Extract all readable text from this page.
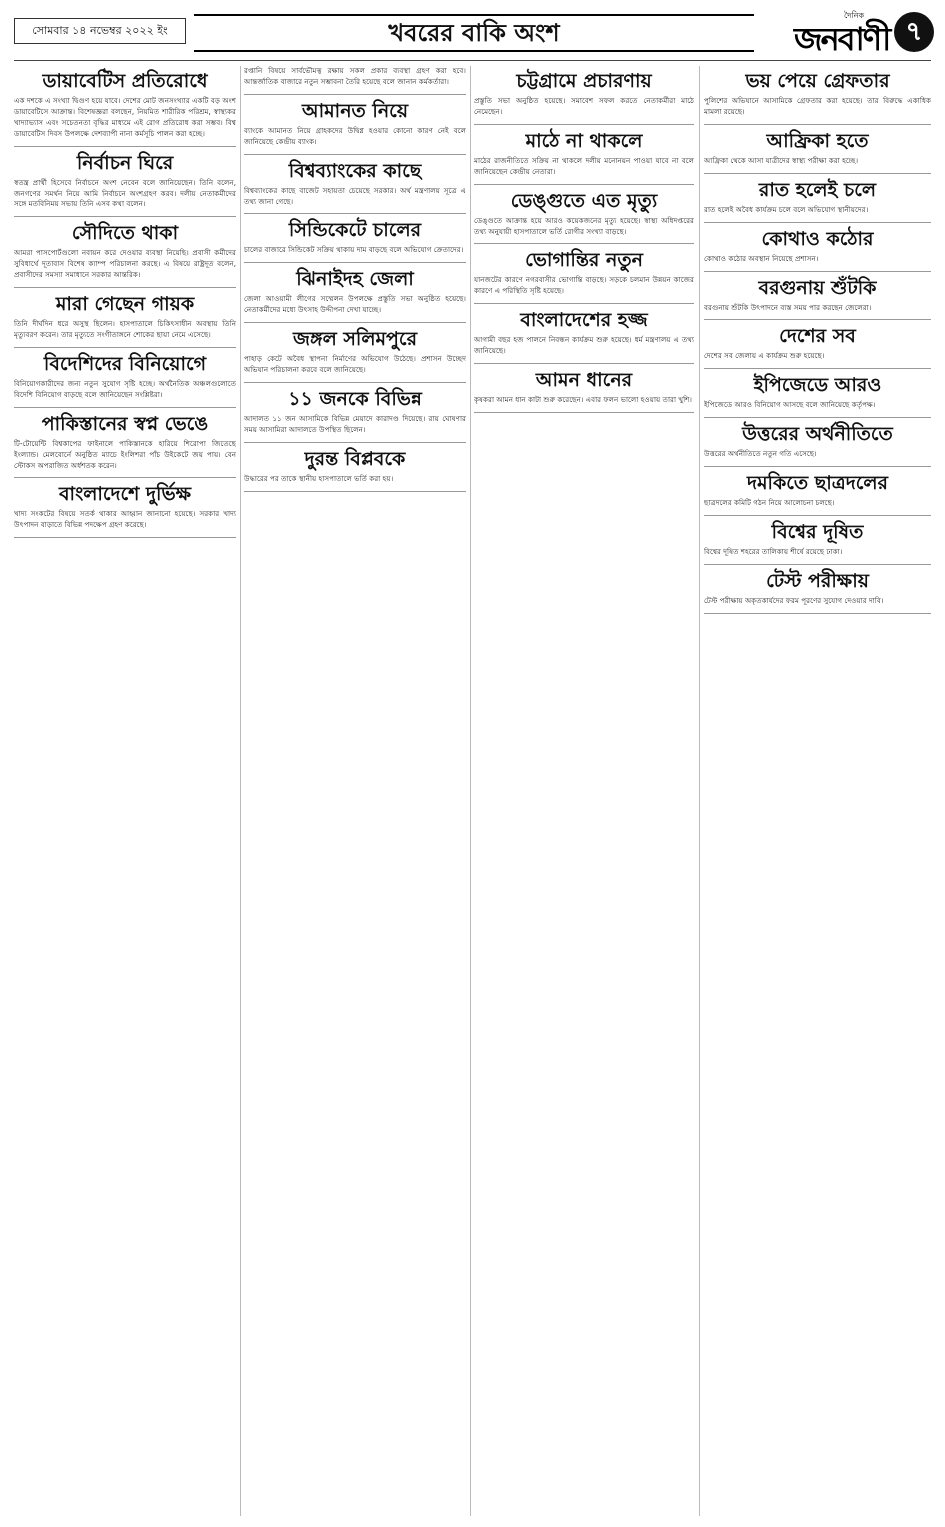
সোমবার ১৪ নভেম্বর ২০২২ ইং	খবরের বাকি অংশ
দৈনিক
জনবাণী ৭
ডায়াবেটিস প্রতিরোধে
এক দশকে এ সংখ্যা দ্বিগুণ হয়ে যাবে। দেশের মোট জনসংখ্যার একটি বড় অংশ ডায়াবেটিসে আক্রান্ত। বিশেষজ্ঞরা বলছেন, নিয়মিত শারীরিক পরিশ্রম, স্বাস্থ্যকর খাদ্যাভ্যাস এবং সচেতনতা বৃদ্ধির মাধ্যমে এই রোগ প্রতিরোধ করা সম্ভব। বিশ্ব ডায়াবেটিস দিবস উপলক্ষে দেশব্যাপী নানা কর্মসূচি পালন করা হচ্ছে।
নির্বাচন ঘিরে
স্বতন্ত্র প্রার্থী হিসেবে নির্বাচনে অংশ নেবেন বলে জানিয়েছেন। তিনি বলেন, জনগণের সমর্থন নিয়ে আমি নির্বাচনে অংশগ্রহণ করব। দলীয় নেতাকর্মীদের সঙ্গে মতবিনিময় সভায় তিনি এসব কথা বলেন।
সৌদিতে থাকা
আমরা পাসপোর্টগুলো নবায়ন করে দেওয়ার ব্যবস্থা নিয়েছি। প্রবাসী কর্মীদের সুবিধার্থে দূতাবাস বিশেষ ক্যাম্প পরিচালনা করছে। এ বিষয়ে রাষ্ট্রদূত বলেন, প্রবাসীদের সমস্যা সমাধানে সরকার আন্তরিক।
মারা গেছেন গায়ক
তিনি দীর্ঘদিন ধরে অসুস্থ ছিলেন। হাসপাতালে চিকিৎসাধীন অবস্থায় তিনি মৃত্যুবরণ করেন। তার মৃত্যুতে সংগীতাঙ্গনে শোকের ছায়া নেমে এসেছে।
বিদেশিদের বিনিয়োগে
বিনিয়োগকারীদের জন্য নতুন সুযোগ সৃষ্টি হচ্ছে। অর্থনৈতিক অঞ্চলগুলোতে বিদেশি বিনিয়োগ বাড়ছে বলে জানিয়েছেন সংশ্লিষ্টরা।
পাকিস্তানের স্বপ্ন ভেঙে
টি-টোয়েন্টি বিশ্বকাপের ফাইনালে পাকিস্তানকে হারিয়ে শিরোপা জিতেছে ইংল্যান্ড। মেলবোর্নে অনুষ্ঠিত ম্যাচে ইংলিশরা পাঁচ উইকেটে জয় পায়। বেন স্টোকস অপরাজিত অর্ধশতক করেন।
বাংলাদেশে দুর্ভিক্ষ
খাদ্য সংকটের বিষয়ে সতর্ক থাকার আহ্বান জানানো হয়েছে। সরকার খাদ্য উৎপাদন বাড়াতে বিভিন্ন পদক্ষেপ গ্রহণ করেছে।
রপ্তানি বিষয়ে সার্বভৌমত্ব রক্ষায় সকল প্রকার ব্যবস্থা গ্রহণ করা হবে। আন্তর্জাতিক বাজারে নতুন সম্ভাবনা তৈরি হয়েছে বলে জানান কর্মকর্তারা।
আমানত নিয়ে
ব্যাংকে আমানত নিয়ে গ্রাহকদের উদ্বিগ্ন হওয়ার কোনো কারণ নেই বলে জানিয়েছে কেন্দ্রীয় ব্যাংক।
বিশ্বব্যাংকের কাছে
বিশ্বব্যাংকের কাছে বাজেট সহায়তা চেয়েছে সরকার। অর্থ মন্ত্রণালয় সূত্রে এ তথ্য জানা গেছে।
সিন্ডিকেটে চালের
চালের বাজারে সিন্ডিকেট সক্রিয় থাকায় দাম বাড়ছে বলে অভিযোগ ক্রেতাদের।
ঝিনাইদহ জেলা
জেলা আওয়ামী লীগের সম্মেলন উপলক্ষে প্রস্তুতি সভা অনুষ্ঠিত হয়েছে। নেতাকর্মীদের মধ্যে উৎসাহ উদ্দীপনা দেখা যাচ্ছে।
জঙ্গল সলিমপুরে
পাহাড় কেটে অবৈধ স্থাপনা নির্মাণের অভিযোগ উঠেছে। প্রশাসন উচ্ছেদ অভিযান পরিচালনা করবে বলে জানিয়েছে।
১১ জনকে বিভিন্ন
আদালত ১১ জন আসামিকে বিভিন্ন মেয়াদে কারাদণ্ড দিয়েছে। রায় ঘোষণার সময় আসামিরা আদালতে উপস্থিত ছিলেন।
দুরন্ত বিপ্লবকে
উদ্ধারের পর তাকে স্থানীয় হাসপাতালে ভর্তি করা হয়।
চট্টগ্রামে প্রচারণায়
প্রস্তুতি সভা অনুষ্ঠিত হয়েছে। সমাবেশ সফল করতে নেতাকর্মীরা মাঠে নেমেছেন।
মাঠে না থাকলে
মাঠের রাজনীতিতে সক্রিয় না থাকলে দলীয় মনোনয়ন পাওয়া যাবে না বলে জানিয়েছেন কেন্দ্রীয় নেতারা।
ডেঙ্গুতে এত মৃত্যু
ডেঙ্গুতে আক্রান্ত হয়ে আরও কয়েকজনের মৃত্যু হয়েছে। স্বাস্থ্য অধিদপ্তরের তথ্য অনুযায়ী হাসপাতালে ভর্তি রোগীর সংখ্যা বাড়ছে।
ভোগান্তির নতুন
যানজটের কারণে নগরবাসীর ভোগান্তি বাড়ছে। সড়কে চলমান উন্নয়ন কাজের কারণে এ পরিস্থিতি সৃষ্টি হয়েছে।
বাংলাদেশের হজ্জ
আগামী বছর হজ পালনে নিবন্ধন কার্যক্রম শুরু হয়েছে। ধর্ম মন্ত্রণালয় এ তথ্য জানিয়েছে।
আমন ধানের
কৃষকরা আমন ধান কাটা শুরু করেছেন। এবার ফলন ভালো হওয়ায় তারা খুশি।
ভয় পেয়ে গ্রেফতার
পুলিশের অভিযানে আসামিকে গ্রেফতার করা হয়েছে। তার বিরুদ্ধে একাধিক মামলা রয়েছে।
আফ্রিকা হতে
আফ্রিকা থেকে আসা যাত্রীদের স্বাস্থ্য পরীক্ষা করা হচ্ছে।
রাত হলেই চলে
রাত হলেই অবৈধ কার্যক্রম চলে বলে অভিযোগ স্থানীয়দের।
কোথাও কঠোর
কোথাও কঠোর অবস্থান নিয়েছে প্রশাসন।
বরগুনায় শুঁটকি
বরগুনায় শুঁটকি উৎপাদনে ব্যস্ত সময় পার করছেন জেলেরা।
দেশের সব
দেশের সব জেলায় এ কার্যক্রম শুরু হয়েছে।
ইপিজেডে আরও
ইপিজেডে আরও বিনিয়োগ আসছে বলে জানিয়েছে কর্তৃপক্ষ।
উত্তরের অর্থনীতিতে
উত্তরের অর্থনীতিতে নতুন গতি এসেছে।
দমকিতে ছাত্রদলের
ছাত্রদলের কমিটি গঠন নিয়ে আলোচনা চলছে।
বিশ্বের দূষিত
বিশ্বের দূষিত শহরের তালিকায় শীর্ষে রয়েছে ঢাকা।
টেস্ট পরীক্ষায়
টেস্ট পরীক্ষায় অকৃতকার্যদের ফরম পূরণের সুযোগ দেওয়ার দাবি।
